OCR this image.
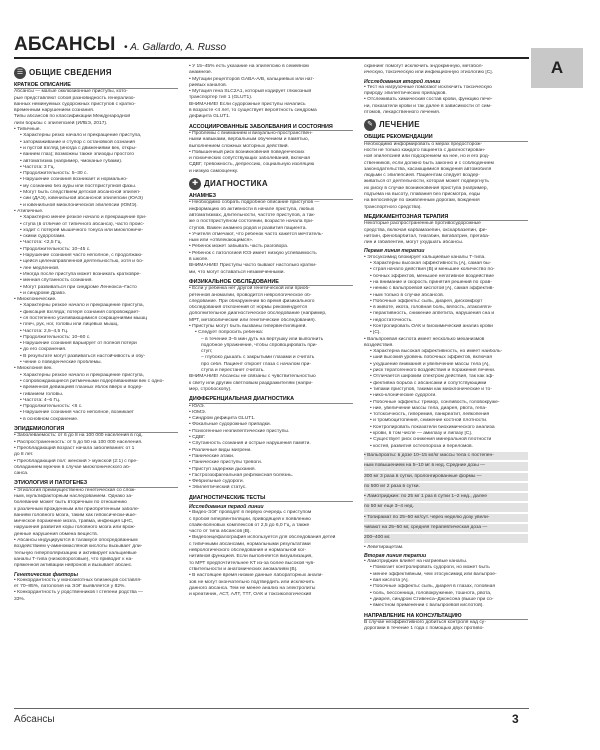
АБСАНСЫ • A. Gallardo, A. Russo
А
☰ ОБЩИЕ СВЕДЕНИЯ
КРАТКОЕ ОПИСАНИЕ
Абсансы — малые окклюзионные приступы, кото-
рые представляют собой разновидность генерализо-
ванных неминуемых судорожных приступов с кратко-
временным нарушением сознания.
Типы абсансов по классификации Международной
лиги борьбы с эпилепсией (ИЛБЭ, 2017).
• Типичные.
• Характерны резко начало и прекращение приступа,
• затормаживание и ступор с остановкой сознания
• и пустой взгляд (иногда с движениями век, откры-
• ванием глаз); возможны также эпизоды простого
• автоматизма (например, чмоканье губами).
• Частота: 3 Гц.
• Продолжительность: 5–30 с.
• Нарушение сознания возникает и нормально-
• му сознанию без ауры или постприступной фазы.
• Могут быть следствием детской абсансной эпилеп-
• сии (ДАЭ), ювенильной абсансной эпилепсии (ЮАЭ)
• и ювенильной миоклонической эпилепсии (ЮМЭ).
• Атипичные.
• Характерно менее резкое начало и прекращение при-
• ступа (в отличие от типичного абсанса), часто проис-
• ходит с потерей мышечного тонуса или миоклониче-
• скими судорогами.
• Частота: <2,5 Гц.
• Продолжительность: 10–45 с.
• Нарушение сознания часто неполное, с продолжаю-
• щейся целенаправленной деятельностью, хотя и бо-
• лее медленной.
• Иногда после приступа может возникать кратковре-
• менная спутанность сознания.
• Могут развиваться при синдроме Леннокса–Гасто
• и синдроме Дравэ.
• Миоклонические.
• Характерны резкое начало и прекращение приступа,
• фиксация взгляда; потеря сознания сопровождает-
• ся постепенно усиливающимися сокращениями мышц
• плеч, рук, ног, головы или лицевых мышц.
• Частота: 2,5–4,5 Гц.
• Продолжительность: 10–60 с.
• Нарушение сознания варьирует от полной потери
• до его сохранения.
• В результате могут развиваться настойчивость и обу-
• чение о поведенческие проблемы.
• Миоклония век.
• Характерны резкое начало и прекращение приступа,
• сопровождающиеся ритмичными подергиваниями век с одно-
• временной девиацией глазных яблок вверх и подер-
• гиванием головы.
• Частота: 4–6 Гц.
• Продолжительность: <6 с.
• Нарушение сознания часто неполное, возникает
• в основном сохранение.
ЭПИДЕМИОЛОГИЯ
• Заболеваемость: от 6 до 8 на 100 000 населения в год.
• Распространенность: от 5 до 50 на 100 000 населения.
• Преобладающий возраст начала заболевания: от 1
до 8 лет.
• Преобладающий пол: женский > мужской (2:1) с пре-
обладанием мужчин в случае миоклонического аб-
санса.
ЭТИОЛОГИЯ И ПАТОГЕНЕЗ
• Этиология преимущественно генетическая со слож-
ным, мультифакторным наследованием. Однако за-
болевание может быть вторичным по отношению
к различным врожденным или приобретенным заболе-
ваниям головного мозга, таким как гипоксически-ише-
мическое поражение мозга, травма, инфекция ЦНС,
нарушения развития коры головного мозга или врож-
денные нарушения обмена веществ.
• Абсансы индуцируются в таламусе опосредованным
воздействием γ-аминомасляной кислоты вызывает дли-
тельную гиперполяризацию и активирует кальциевые
каналы Т-типа (низкопороговые), что приводит к на-
пряженной активации нейронов и вызывает абсанс.
Генетические факторы
• Конкордантность у монозиготных близнецов составля-
ет 70–85%, патология на ЭЭГ выявляется у 82%.
• Конкордантность у родственников I степени родства —
33%.
• У 15–45% есть указание на эпилепсию в семейном
анамнезе.
• Мутации рецепторов GABA-A/B, кальциевых или нат-
риевых каналов.
• Мутация гена SLC2A1, который кодирует глюкозный
транспортер тип 1 (GLUT1).
ВНИМАНИЕ! Если судорожные приступы начались
в возрасте <4 лет, то существует вероятность синдрома
дефицита GLUT1.
АССОЦИИРОВАННЫЕ ЗАБОЛЕВАНИЯ И СОСТОЯНИЯ
• Проблемы с вниманием и визуально-пространствен-
ными навыками, вербальным обучением и памятью,
выполнением сложных моторных действий.
• Повышенный риск возникновения поведенческих
и психических сопутствующих заболеваний, включая
СДВГ, тревожность, депрессию, социальную изоляцию
и низкую самооценку.
✚ ДИАГНОСТИКА
АНАМНЕЗ
• Необходимо собрать подробное описание приступов —
информацию об активности в начале приступа, любых
автоматизмах, длительности, частоте приступов, а так-
же о постприступном состоянии, возрасте начала при-
ступов. Важен анамнез родов и развития пациента.
• Учителя отмечают, что ребенок часто кажется мечтатель-
ным или «отвлекающимся».
• Ребенок может забывать часть разговора.
• Ребенок с патологией ЮЭ имеет низкую успеваемость
в школе.
ВНИМАНИЕ! Приступы часто бывают настолько кратки-
ми, что могут оставаться незамеченными.
ФИЗИКАЛЬНОЕ ОБСЛЕДОВАНИЕ
• Если у ребенка нет другой генетической или приоб-
ретенной аномалии, проводится неврологическое об-
следование. При обнаружении во время физикального
обследования отклонений от нормы рекомендуется
дополнительное диагностическое обследование (например,
МРТ, метаболические или генетические обследования).
• Приступы могут быть вызваны гипервентиляцией.
• Следует попросить ребенка:
– в течение 3–5 мин дуть на вертушку или выполнить
подобное упражнение, чтобы спровоцировать при-
ступ;
– глубоко дышать с закрытыми глазами и считать
про себя. Пациент откроет глаза с началом при-
ступа и перестанет считать.
ВНИМАНИЕ! Абсансы не связаны с чувствительностью
к свету или другим светловым раздражителям (напри-
мер, стробоскопу).
ДИФФЕРЕНЦИАЛЬНАЯ ДИАГНОСТИКА
• ЮАЭ.
• ЮМЭ.
• Синдром дефицита GLUT1.
• Фокальные судорожные припадки.
• Психогенные неэпилептические приступы.
• СДВГ.
• Спутанность сознания и острые нарушения памяти.
• Различные виды мигрени.
• Панические атаки.
• Панические приступы тревоги.
• Приступ задержки дыхания.
• Гастроэзофагеальная рефлюксная болезнь.
• Фебрильные судороги.
• Эпилептический статус.
ДИАГНОСТИЧЕСКИЕ ТЕСТЫ
Исследования первой линии
• Видео-ЭЭГ проводят в первую очередь с приступом
с пробой гипервентиляции, приводящей к появлению
спайк-волновых комплексов от 2,5 до 6,0 Гц, а также
часто от типа абсансов [B].
• Видеоэнцефалография используется для обследования детей
с типичными абсансами, нормальными результатами
неврологического обследования и нормальной ког-
нитивной функцией. Если выполняется визуализация,
то МРТ предпочтительнее КТ из-за более высокой чув-
ствительности и анатомических аномалиям [B].
• В настоящее время низкие данные лабораторных анали-
зов не могут окончательно подтвердить или исключить
данного абсанса. Тем не менее анализ на электролиты
и креатинин, АСТ, АЛТ, ТТГ, ОАК и токсикологический
скрининг помогут исключить эндокринную, метабол-
ическую, токсическую или инфекционную этиологию [C].
Исследования второй линии
• Тест на нагрузочные помогают исключить токсическую
природу эпилептических припадков.
• Отслеживать химический состав крови, функцию пече-
ни, показатели крови и так далее в зависимости от сим-
птомов, лекарственного лечения.
✎ ЛЕЧЕНИЕ
ОБЩИЕ РЕКОМЕНДАЦИИ
Необходимо информировать о мерах предосторож-
ности не только каждого пациента с диагностирован-
ной эпилепсией или подозрением на нее, но и его род-
ственников, если должно быть законно и с соблюдением
законодательства, касающимися вождения автомобиля
людьми с эпилепсией. Пациентам следует воздер-
живаться от деятельности, которая может подвергнуть
их риску в случае возникновения приступа (например,
подъема на высоту, плавания без присмотра, езды
на велосипеде по оживленным дорогам, вождения
транспортного средства).
МЕДИКАМЕНТОЗНАЯ ТЕРАПИЯ
Некоторые распространенные противосудорожные
средства, включая карбамазепин, окскарбазепин, фе-
нитоин, фенобарбитал, тиагабин, вигабатрин, прегаба-
лин и габапентин, могут ухудшать абсансы.
Первая линия терапии
• Этосуксимид блокирует кальциевые каналы Т-типа.
• Характерны высокая эффективность [A], самая бы-
• страя начало действия [B] и меньшее количество по-
• бочных эффектов, меньшее негативное воздействие
• на внимание и скорость принятия решений по срав-
• нению с вальпроевой кислотой [A], самая эффектив-
• ным только в случае абсансов.
• Побочные эффекты: сыпь, диарея, дискомфорт
• в животе, икота, головная боль, вялость, атаксия/ги-
• перактивность, снижение аппетита, нарушения сна и
• недостаточность.
• Контролировать ОАК и биохимический анализ крови
• [C].
• Вальпроевая кислота имеет несколько механизмов
воздействия.
• Характерна высокая эффективность, но имеет наиболь-
• ший высокий уровень побочных эффектов, включая
• ухудшение внимания и увеличение массы тела [A],
• риск тератогенного воздействия и поражения печени.
• Отличается широким спектром действия, так как эф-
• фективна борьба с абсансами и сопутствующими
• типами приступов, такими как миоклонические и то-
• нико-клонические судороги.
• Побочные эффекты: тремор, сонливость, головокруже-
• ние, увеличение массы тела, диарея, рвота, гепа-
• тотоксичность, гиперемия, панкреатит, лейкопения
• и тромбоцитопения, снижение костной плотности.
• Контролировать показатели биохимического анализа
• крови, в том числе — амилазу и липазу [C].
• Существует риск снижения минеральной плотности
• костей, развития остеопороза и переломов.
• Вальпроаты: в дозе 10–15 мг/кг массы тела с постепен-
ным повышением на 5–10 мг в нед. Средние дозы —
300 мг 3 раза в сутки, пролонгированные формы —
по 500 мг 2 раза в сутки.
• Ламотриджин: по 25 мг 1 раз в сутки 1–2 нед., далее
по 50 мг еще 3–4 нед.
• Топирамат по 25–50 мг/сут. через неделю дозу увели-
чивают на 25–50 мг, средняя терапевтическая доза —
200–400 мг.
• Леветирацетам.
Вторая линия терапии
• Ламотриджин влияет на натриевые каналы.
• Помогает контролировать судороги, но может быть
• менее эффективным, чем этосуксимид или вальпрое-
• вая кислота [A].
• Побочные эффекты: сыпь, диарея в глазах, головная
• боль, бессонница, головокружение, тошнота, рвота,
• диарея, синдром Стивенса–Джонсона (выше при со-
• вместном применении с вальпроевой кислотой).
НАПРАВЛЕНИЕ НА КОНСУЛЬТАЦИЮ
В случае неэффективного добиться контроля над су-
дорогами в течение 1 года с помощью двух противо-
Абсансы	3
